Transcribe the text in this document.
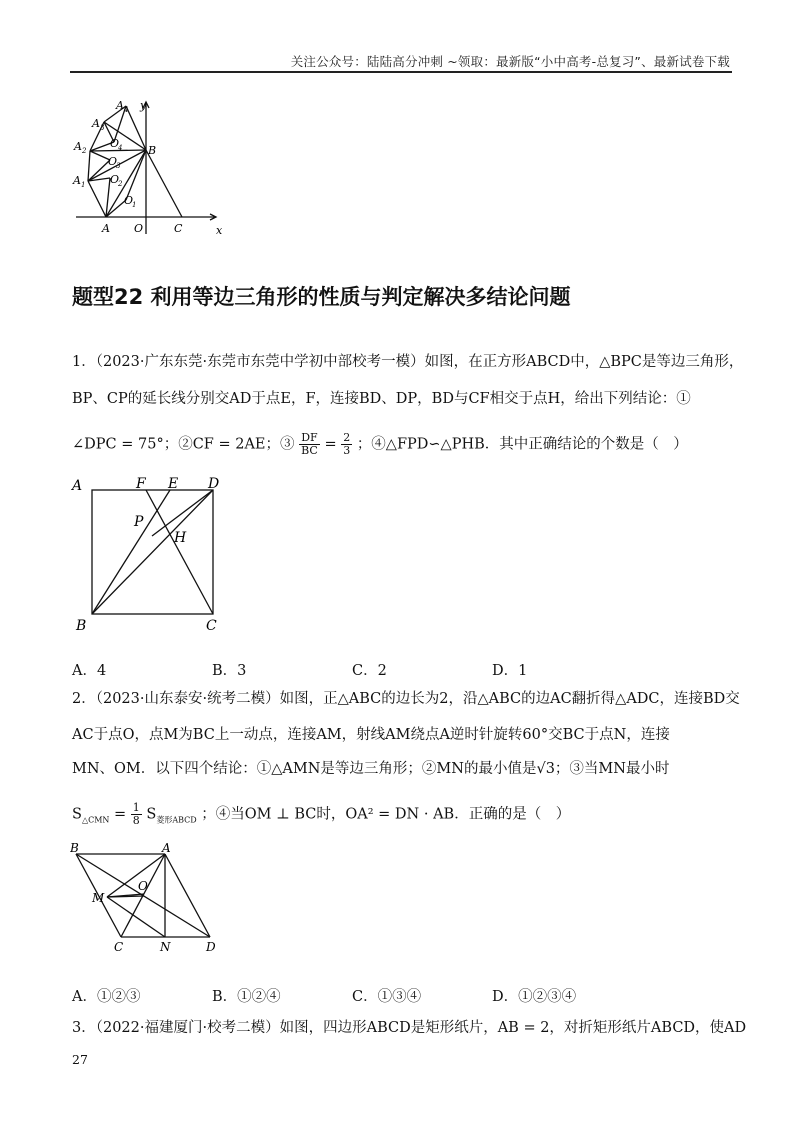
关注公众号：陆陆高分冲刺 ~领取：最新版“小中高考-总复习”、最新试卷下载
A 4
A 3
A 2
A 1
O
4
O
3
O
2
O
1
B
y
x
A O	C
题型22 利用等边三角形的性质与判定解决多结论问题
1．（2023·广东东莞·东莞市东莞中学初中部校考一模）如图，在正方形ABCD中，△BPC是等边三角形，
BP、CP的延长线分别交AD于点E，F，连接BD、DP，BD与CF相交于点H，给出下列结论：①
∠DPC = 75°；②CF = 2AE；③ $\frac{DF}{BC} = \frac{2}{3}$ ；④△FPD∽△PHB．其中正确结论的个数是（　）
A	F E D
P
H
B	C
A．4	B．3	C．2	D．1
2．（2023·山东泰安·统考二模）如图，正△ABC的边长为2，沿△ABC的边AC翻折得△ADC，连接BD交
AC于点O，点M为BC上一动点，连接AM，射线AM绕点A逆时针旋转60°交BC于点N，连接
MN、OM．以下四个结论：①△AMN是等边三角形；②MN的最小值是√3；③当MN最小时
$S_{\triangle CMN} = \frac{1}{8} S_{菱形ABCD}$ ；④当OM ⊥ BC时，OA² = DN · AB．正确的是（　）
B	A
O
M
C	N	D
A．①②③	B．①②④	C．①③④	D．①②③④
3．（2022·福建厦门·校考二模）如图，四边形ABCD是矩形纸片，AB = 2，对折矩形纸片ABCD，使AD
27
